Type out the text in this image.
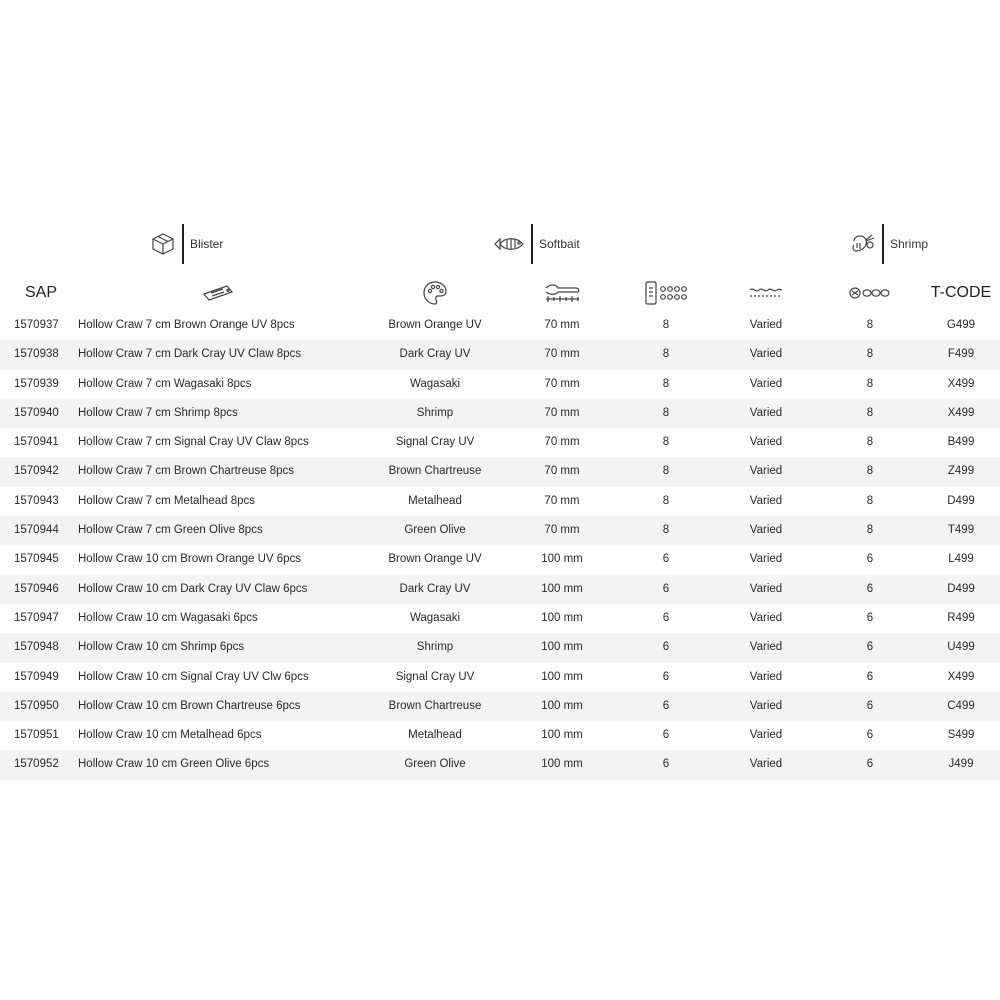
Blister	Softbait	Shrimp
SAP	T-CODE
1570937	Hollow Craw 7 cm Brown Orange UV 8pcs	Brown Orange UV	70 mm	8	Varied	8	G499
1570938	Hollow Craw 7 cm Dark Cray UV Claw 8pcs	Dark Cray UV	70 mm	8	Varied	8	F499
1570939	Hollow Craw 7 cm Wagasaki 8pcs	Wagasaki	70 mm	8	Varied	8	X499
1570940	Hollow Craw 7 cm Shrimp 8pcs	Shrimp	70 mm	8	Varied	8	X499
1570941	Hollow Craw 7 cm Signal Cray UV Claw 8pcs	Signal Cray UV	70 mm	8	Varied	8	B499
1570942	Hollow Craw 7 cm Brown Chartreuse 8pcs	Brown Chartreuse	70 mm	8	Varied	8	Z499
1570943	Hollow Craw 7 cm Metalhead 8pcs	Metalhead	70 mm	8	Varied	8	D499
1570944	Hollow Craw 7 cm Green Olive 8pcs	Green Olive	70 mm	8	Varied	8	T499
1570945	Hollow Craw 10 cm Brown Orange UV 6pcs	Brown Orange UV	100 mm	6	Varied	6	L499
1570946	Hollow Craw 10 cm Dark Cray UV Claw 6pcs	Dark Cray UV	100 mm	6	Varied	6	D499
1570947	Hollow Craw 10 cm Wagasaki 6pcs	Wagasaki	100 mm	6	Varied	6	R499
1570948	Hollow Craw 10 cm Shrimp 6pcs	Shrimp	100 mm	6	Varied	6	U499
1570949	Hollow Craw 10 cm Signal Cray UV Clw 6pcs	Signal Cray UV	100 mm	6	Varied	6	X499
1570950	Hollow Craw 10 cm Brown Chartreuse 6pcs	Brown Chartreuse	100 mm	6	Varied	6	C499
1570951	Hollow Craw 10 cm Metalhead 6pcs	Metalhead	100 mm	6	Varied	6	S499
1570952	Hollow Craw 10 cm Green Olive 6pcs	Green Olive	100 mm	6	Varied	6	J499
